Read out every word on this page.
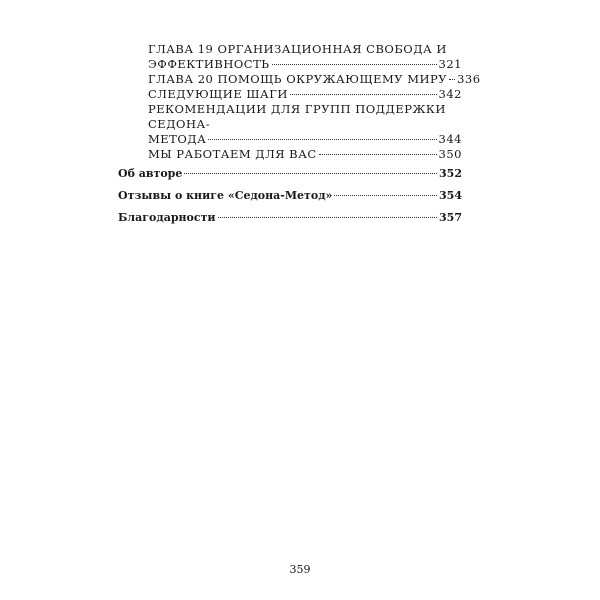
ГЛАВА 19 ОРГАНИЗАЦИОННАЯ СВОБОДА И
ЭФФЕКТИВНОСТЬ	321
ГЛАВА 20 ПОМОЩЬ ОКРУЖАЮЩЕМУ МИРУ 336
СЛЕДУЮЩИЕ ШАГИ	342
РЕКОМЕНДАЦИИ ДЛЯ ГРУПП ПОДДЕРЖКИ СЕДОНА-
МЕТОДА	344
МЫ РАБОТАЕМ ДЛЯ ВАС	350
Об авторе	352
Отзывы о книге «Седона-Метод»	354
Благодарности	357
359
